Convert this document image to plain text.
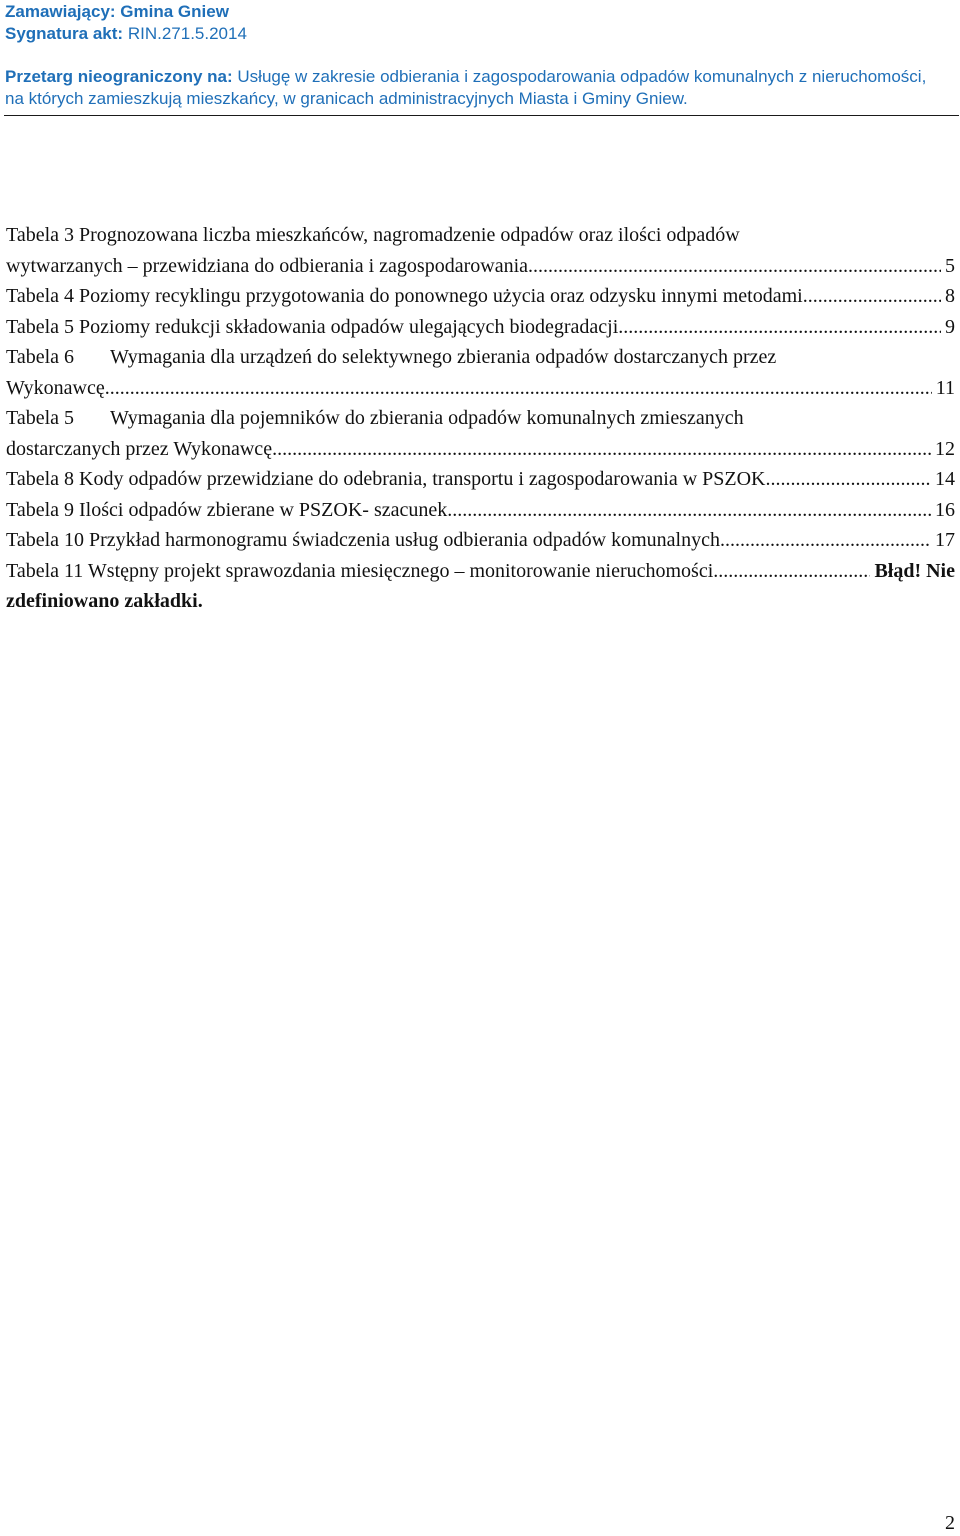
Zamawiający: Gmina Gniew
Sygnatura akt: RIN.271.5.2014
Przetarg nieograniczony na: Usługę w zakresie odbierania i zagospodarowania odpadów komunalnych z nieruchomości,
na których zamieszkują mieszkańcy, w granicach administracyjnych Miasta i Gminy Gniew.
Tabela 3 Prognozowana liczba mieszkańców, nagromadzenie odpadów oraz ilości odpadów
wytwarzanych – przewidziana do odbierania i zagospodarowania .....	5
Tabela 4 Poziomy recyklingu przygotowania do ponownego użycia oraz odzysku innymi metodami. .....	8
Tabela 5 Poziomy redukcji składowania odpadów ulegających biodegradacji. .....	9
Tabela 6 Wymagania dla urządzeń do selektywnego zbierania odpadów dostarczanych przez
Wykonawcę. .....	11
Tabela 5 Wymagania dla pojemników do zbierania odpadów komunalnych zmieszanych
dostarczanych przez Wykonawcę. .....	12
Tabela 8 Kody odpadów przewidziane do odebrania, transportu i zagospodarowania w PSZOK .....	14
Tabela 9 Ilości odpadów zbierane w PSZOK- szacunek. .....	16
Tabela 10 Przykład harmonogramu świadczenia usług odbierania odpadów komunalnych .....	17
Tabela 11 Wstępny projekt sprawozdania miesięcznego – monitorowanie nieruchomości .....	Błąd! Nie
zdefiniowano zakładki.
2
